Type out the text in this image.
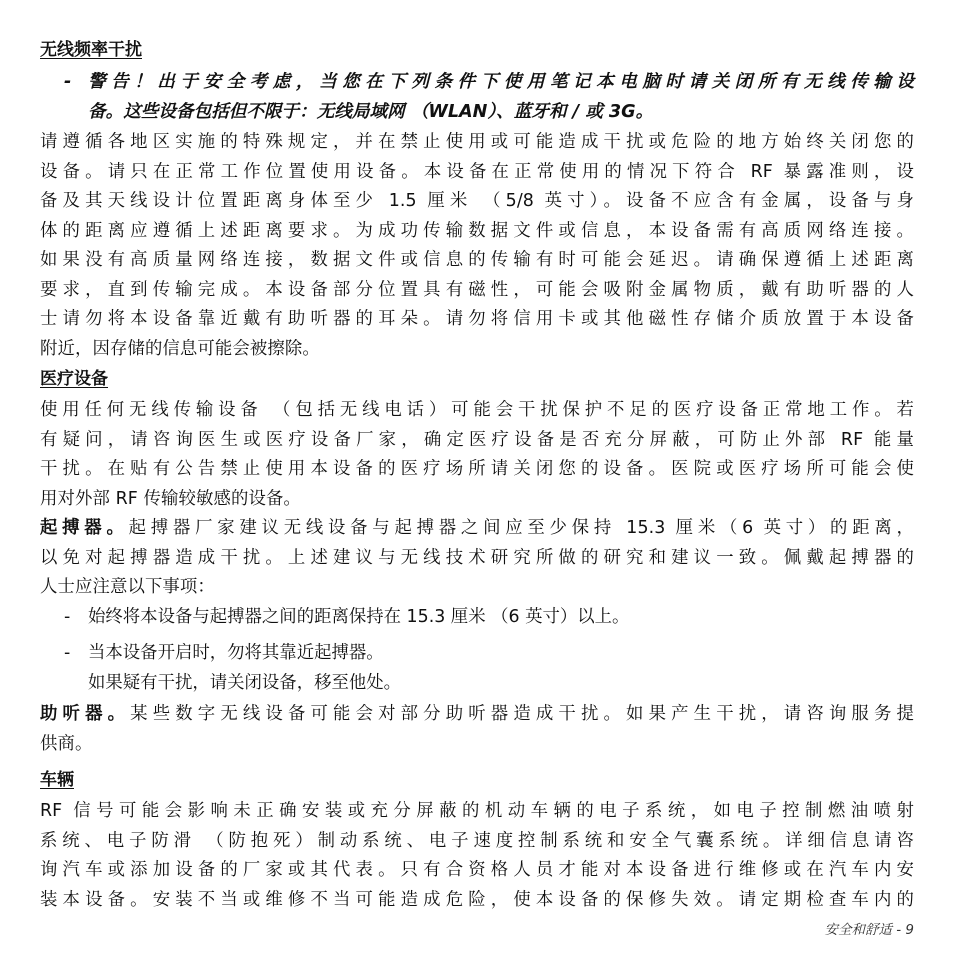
无线频率干扰
- 警告！出于安全考虑，当您在下列条件下使用笔记本电脑时请关闭所有无线传输设
备。这些设备包括但不限于：无线局域网 （WLAN）、蓝牙和 / 或 3G。
请遵循各地区实施的特殊规定，并在禁止使用或可能造成干扰或危险的地方始终关闭您的
设备。请只在正常工作位置使用设备。本设备在正常使用的情况下符合 RF 暴露准则，设
备及其天线设计位置距离身体至少 1.5 厘米 （5/8 英寸）。设备不应含有金属，设备与身
体的距离应遵循上述距离要求。为成功传输数据文件或信息，本设备需有高质网络连接。
如果没有高质量网络连接，数据文件或信息的传输有时可能会延迟。请确保遵循上述距离
要求，直到传输完成。本设备部分位置具有磁性，可能会吸附金属物质，戴有助听器的人
士请勿将本设备靠近戴有助听器的耳朵。请勿将信用卡或其他磁性存储介质放置于本设备
附近，因存储的信息可能会被擦除。
医疗设备
使用任何无线传输设备 （包括无线电话）可能会干扰保护不足的医疗设备正常地工作。若
有疑问，请咨询医生或医疗设备厂家，确定医疗设备是否充分屏蔽，可防止外部 RF 能量
干扰。在贴有公告禁止使用本设备的医疗场所请关闭您的设备。医院或医疗场所可能会使
用对外部 RF 传输较敏感的设备。
起搏器。起搏器厂家建议无线设备与起搏器之间应至少保持 15.3 厘米（6 英寸）的距离，
以免对起搏器造成干扰。上述建议与无线技术研究所做的研究和建议一致。佩戴起搏器的
人士应注意以下事项：
- 始终将本设备与起搏器之间的距离保持在 15.3 厘米 （6 英寸）以上。
- 当本设备开启时，勿将其靠近起搏器。
如果疑有干扰，请关闭设备，移至他处。
助听器。某些数字无线设备可能会对部分助听器造成干扰。如果产生干扰，请咨询服务提
供商。
车辆
RF 信号可能会影响未正确安装或充分屏蔽的机动车辆的电子系统，如电子控制燃油喷射
系统、电子防滑 （防抱死）制动系统、电子速度控制系统和安全气囊系统。详细信息请咨
询汽车或添加设备的厂家或其代表。只有合资格人员才能对本设备进行维修或在汽车内安
装本设备。安装不当或维修不当可能造成危险，使本设备的保修失效。请定期检查车内的
安全和舒适 - 9
